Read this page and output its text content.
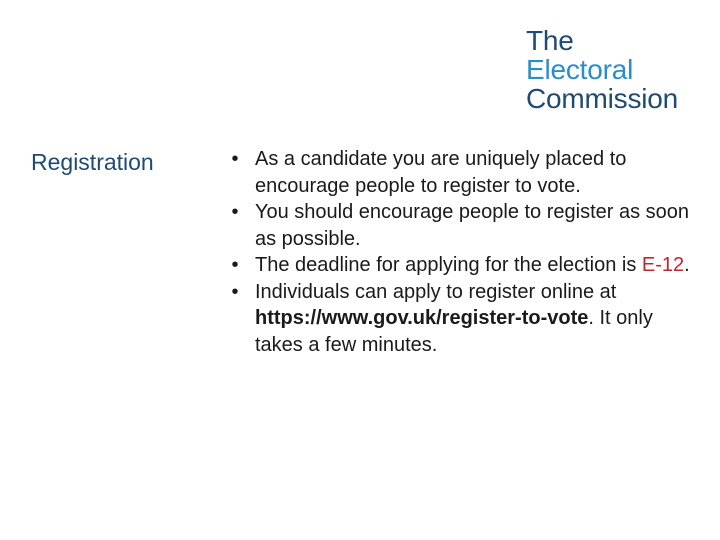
The
Electoral
Commission
Registration	• As a candidate you are uniquely placed to encourage people to register to vote.
• You should encourage people to register as soon as possible.
• The deadline for applying for the election is E-12.
• Individuals can apply to register online at https://www.gov.uk/register-to-vote. It only takes a few minutes.
